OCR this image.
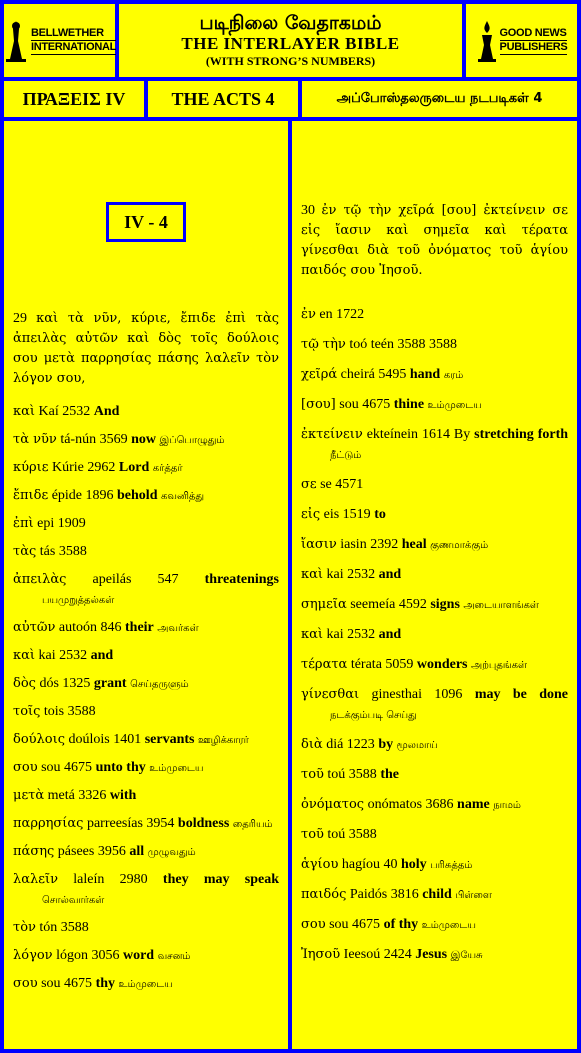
BELLWETHER
INTERNATIONAL
படிநிலை வேதாகமம்
THE INTERLAYER BIBLE
(WITH STRONG’S NUMBERS)
GOOD NEWS
PUBLISHERS
ΠΡΑΞΕΙΣ IV	THE ACTS 4	அப்போஸ்தலருடைய நடபடிகள் 4
IV - 4
29 καὶ τὰ νῦν, κύριε, ἔπιδε ἐπὶ τὰς ἀπειλὰς αὐτῶν καὶ δὸς τοῖς δούλοις σου μετὰ παρρησίας πάσης λαλεῖν τὸν λόγον σου,

καὶ Kaí 2532 And

τὰ νῦν tá-nún 3569 now இப்பொழுதும்

κύριε Kúrie 2962 Lord கர்த்தர்

ἔπιδε épide 1896 behold கவனித்து

ἐπὶ epi 1909

τὰς tás 3588

ἀπειλὰς apeilás 547 threatenings பயமுறுத்தல்கள்

αὐτῶν autoón 846 their அவர்கள்

καὶ kai 2532 and

δὸς dós 1325 grant செய்தருளும்

τοῖς tois 3588

δούλοις doúlois 1401 servants ஊழிக்காரர்

σου sou 4675 unto thy உம்முடைய

μετὰ metá 3326 with

παρρησίας parreesías 3954 boldness தைரியம்

πάσης pásees 3956 all முழுவதும்

λαλεῖν laleín 2980 they may speak சொல்வார்கள்

τὸν tón 3588

λόγον lógon 3056 word வசனம்

σου sou 4675 thy உம்முடைய

30 ἐν τῷ τὴν χεῖρά [σου] ἐκτείνειν σε εἰς ἴασιν καὶ σημεῖα καὶ τέρατα γίνεσθαι διὰ τοῦ ὀνόματος τοῦ ἁγίου παιδός σου Ἰησοῦ.

ἐν en 1722

τῷ τὴν toó teén 3588 3588

χεῖρά cheirá 5495 hand கரம்

[σου] sou 4675 thine உம்முடைய

ἐκτείνειν ekteínein 1614 By stretching forth நீட்டும்

σε se 4571

εἰς eis 1519 to

ἴασιν iasin 2392 heal குணமாக்கும்

καὶ kai 2532 and

σημεῖα seemeía 4592 signs அடையாளங்கள்

καὶ kai 2532 and

τέρατα térata 5059 wonders அற்புதங்கள்

γίνεσθαι ginesthai 1096 may be done நடக்கும்படி செய்து

διὰ diá 1223 by மூலமாய்

τοῦ toú 3588 the

ὀνόματος onómatos 3686 name நாமம்

τοῦ toú 3588

ἁγίου hagíou 40 holy பரிசுத்தம்

παιδός Paidós 3816 child பிள்ளை

σου sou 4675 of thy உம்முடைய

Ἰησοῦ Ieesoú 2424 Jesus இயேசு
